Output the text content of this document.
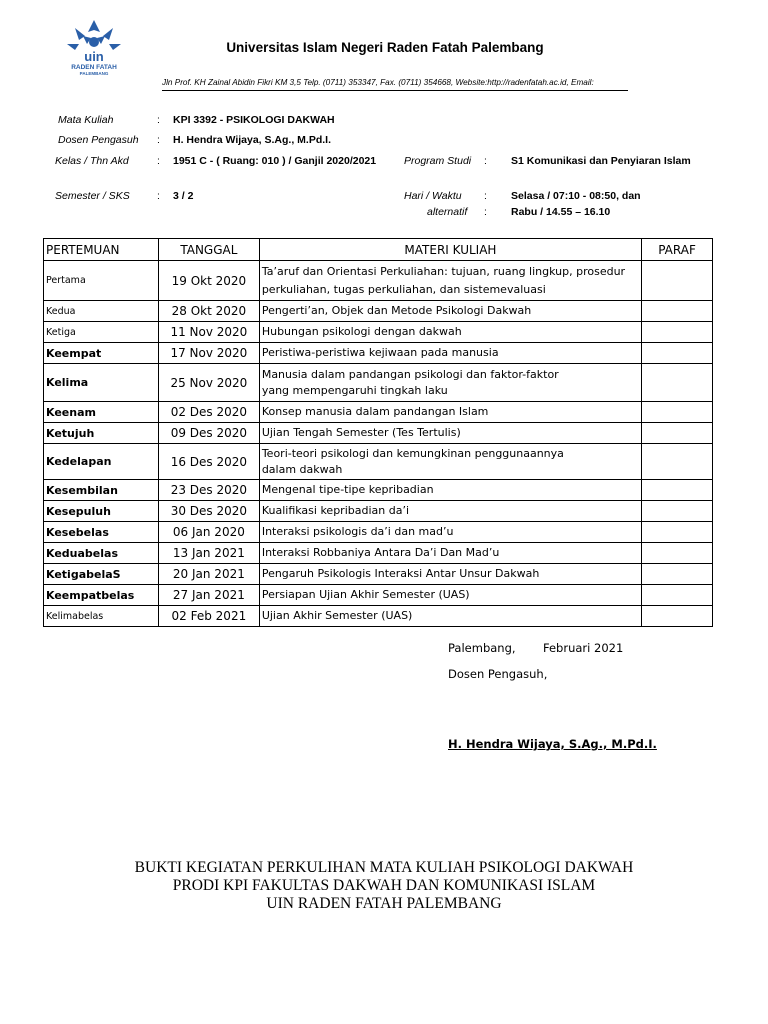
uin
RADEN FATAH
PALEMBANG
Universitas Islam Negeri Raden Fatah Palembang
Jln Prof. KH Zainal Abidin Fikri KM 3,5 Telp. (0711) 353347, Fax. (0711) 354668, Website:http://radenfatah.ac.id, Email:
Mata Kuliah	: KPI 3392 - PSIKOLOGI DAKWAH
Dosen Pengasuh : H. Hendra Wijaya, S.Ag., M.Pd.I.
Kelas / Thn Akd	: 1951 C - ( Ruang: 010 ) / Ganjil 2020/2021	Program Studi : S1 Komunikasi dan Penyiaran Islam
Semester / SKS	: 3 / 2	Hari / Waktu : Selasa / 07:10 - 08:50, dan
alternatif : Rabu / 14.55 – 16.10
PERTEMUAN	TANGGAL	MATERI KULIAH	PARAF
Pertama	19 Okt 2020	Ta’aruf dan Orientasi Perkuliahan: tujuan, ruang lingkup, prosedur
perkuliahan, tugas perkuliahan, dan sistemevaluasi	

Kedua	28 Okt 2020	Pengerti’an, Objek dan Metode Psikologi Dakwah	
Ketiga	11 Nov 2020	Hubungan psikologi dengan dakwah	
Keempat	17 Nov 2020	Peristiwa-peristiwa kejiwaan pada manusia	
Kelima	25 Nov 2020	Manusia dalam pandangan psikologi dan faktor-faktor
yang mempengaruhi tingkah laku	

Keenam	02 Des 2020	Konsep manusia dalam pandangan Islam	
Ketujuh	09 Des 2020	Ujian Tengah Semester (Tes Tertulis)	
Kedelapan	16 Des 2020	Teori-teori psikologi dan kemungkinan penggunaannya
dalam dakwah	

Kesembilan	23 Des 2020	Mengenal tipe-tipe kepribadian	
Kesepuluh	30 Des 2020	Kualifikasi kepribadian da’i	
Kesebelas	06 Jan 2020	Interaksi psikologis da’i dan mad’u	
Keduabelas	13 Jan 2021	Interaksi Robbaniya Antara Da’i Dan Mad’u	
KetigabelaS	20 Jan 2021	Pengaruh Psikologis Interaksi Antar Unsur Dakwah	
Keempatbelas	27 Jan 2021	Persiapan Ujian Akhir Semester (UAS)	
Kelimabelas	02 Feb 2021	Ujian Akhir Semester (UAS)	
Palembang, Februari 2021
Dosen Pengasuh,
H. Hendra Wijaya, S.Ag., M.Pd.I.
BUKTI KEGIATAN PERKULIHAN MATA KULIAH PSIKOLOGI DAKWAH
PRODI KPI FAKULTAS DAKWAH DAN KOMUNIKASI ISLAM
UIN RADEN FATAH PALEMBANG
